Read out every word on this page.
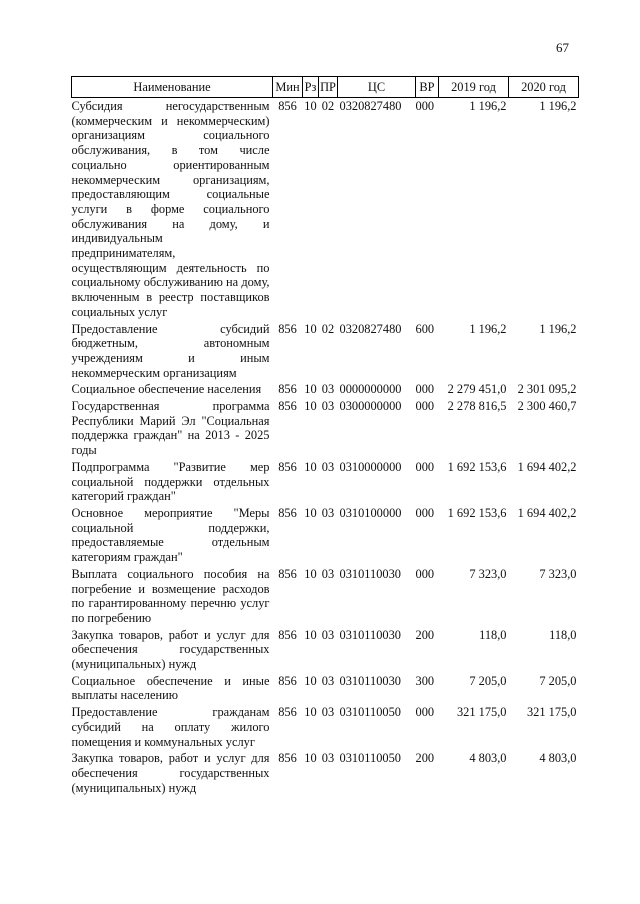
67
Наименование	Мин	Рз	ПР	ЦС	ВР	2019 год	2020 год
Субсидия негосударственным (коммерческим и некоммерческим) организациям социального обслуживания, в том числе социально ориентированным некоммерческим организациям, предоставляющим социальные услуги в форме социального обслуживания на дому, и индивидуальным предпринимателям, осуществляющим деятельность по социальному обслуживанию на дому, включенным в реестр поставщиков социальных услуг	856	10	02	0320827480	000	1 196,2	1 196,2
Предоставление субсидий бюджетным, автономным учреждениям и иным некоммерческим организациям	856	10	02	0320827480	600	1 196,2	1 196,2
Социальное обеспечение населения	856	10	03	0000000000	000	2 279 451,0	2 301 095,2
Государственная программа Республики Марий Эл "Социальная поддержка граждан" на 2013 - 2025 годы	856	10	03	0300000000	000	2 278 816,5	2 300 460,7
Подпрограмма "Развитие мер социальной поддержки отдельных категорий граждан"	856	10	03	0310000000	000	1 692 153,6	1 694 402,2
Основное мероприятие "Меры социальной поддержки, предоставляемые отдельным категориям граждан"	856	10	03	0310100000	000	1 692 153,6	1 694 402,2
Выплата социального пособия на погребение и возмещение расходов по гарантированному перечню услуг по погребению	856	10	03	0310110030	000	7 323,0	7 323,0
Закупка товаров, работ и услуг для обеспечения государственных (муниципальных) нужд	856	10	03	0310110030	200	118,0	118,0
Социальное обеспечение и иные выплаты населению	856	10	03	0310110030	300	7 205,0	7 205,0
Предоставление гражданам субсидий на оплату жилого помещения и коммунальных услуг	856	10	03	0310110050	000	321 175,0	321 175,0
Закупка товаров, работ и услуг для обеспечения государственных (муниципальных) нужд	856	10	03	0310110050	200	4 803,0	4 803,0
